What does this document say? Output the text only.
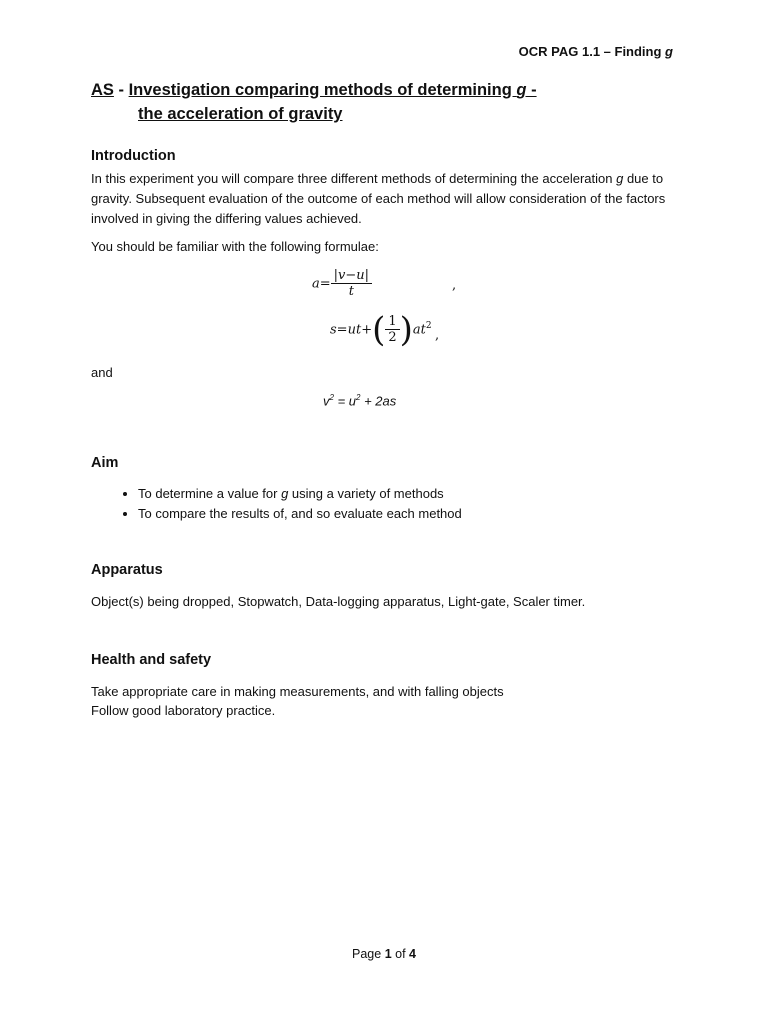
OCR PAG 1.1 – Finding g
AS - Investigation comparing methods of determining g -
the acceleration of gravity
Introduction

In this experiment you will compare three different methods of determining the acceleration g due to gravity. Subsequent evaluation of the outcome of each method will allow consideration of the factors involved in giving the differing values achieved.

You should be familiar with the following formulae:

$a= \frac{|v-u|}{t}$	,
$s=ut+( \frac{1}{2} )at^2$
,

and

$v^2 = u^2 + 2as$
Aim
• To determine a value for g using a variety of methods
• To compare the results of, and so evaluate each method
Apparatus

Object(s) being dropped, Stopwatch, Data-logging apparatus, Light-gate, Scaler timer.

Health and safety

Take appropriate care in making measurements, and with falling objects

Follow good laboratory practice.

Page 1 of 4
